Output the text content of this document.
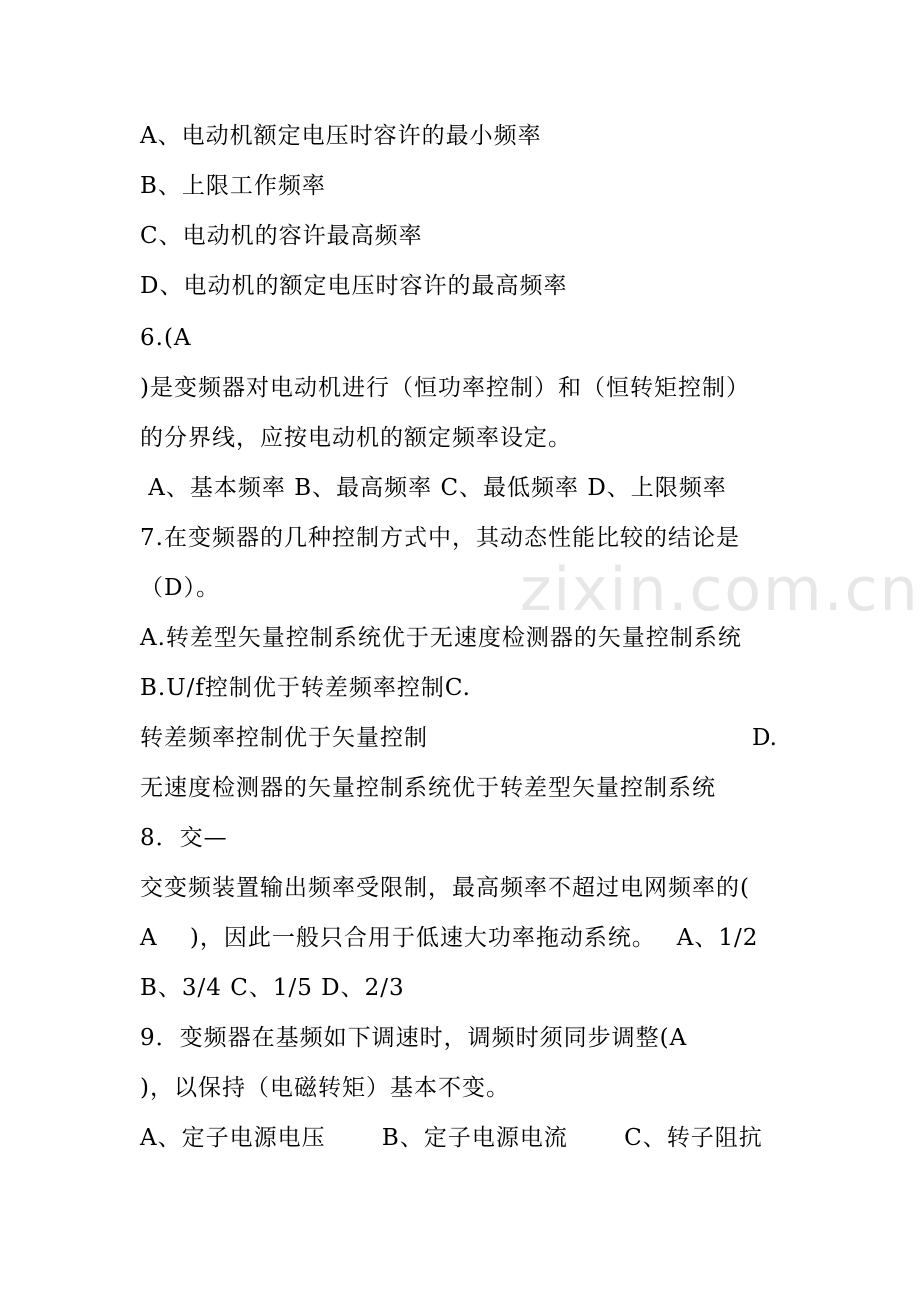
zixin.com.cn
A、电动机额定电压时容许的最小频率
B、上限工作频率
C、电动机的容许最高频率
D、电动机的额定电压时容许的最高频率
6.(A
)是变频器对电动机进行（恒功率控制）和（恒转矩控制）
的分界线，应按电动机的额定频率设定。
A、基本频率 B、最高频率 C、最低频率 D、上限频率
7.在变频器的几种控制方式中，其动态性能比较的结论是
（D）。
A.转差型矢量控制系统优于无速度检测器的矢量控制系统
B.U/f控制优于转差频率控制C.
转差频率控制优于矢量控制	D.
无速度检测器的矢量控制系统优于转差型矢量控制系统
8．交—
交变频装置输出频率受限制，最高频率不超过电网频率的(
A　 )，因此一般只合用于低速大功率拖动系统。　 A、1/2
B、3/4 C、1/5 D、2/3
9．变频器在基频如下调速时，调频时须同步调整(A
)，以保持（电磁转矩）基本不变。
A、定子电源电压　　 B、定子电源电流　　 C、转子阻抗
